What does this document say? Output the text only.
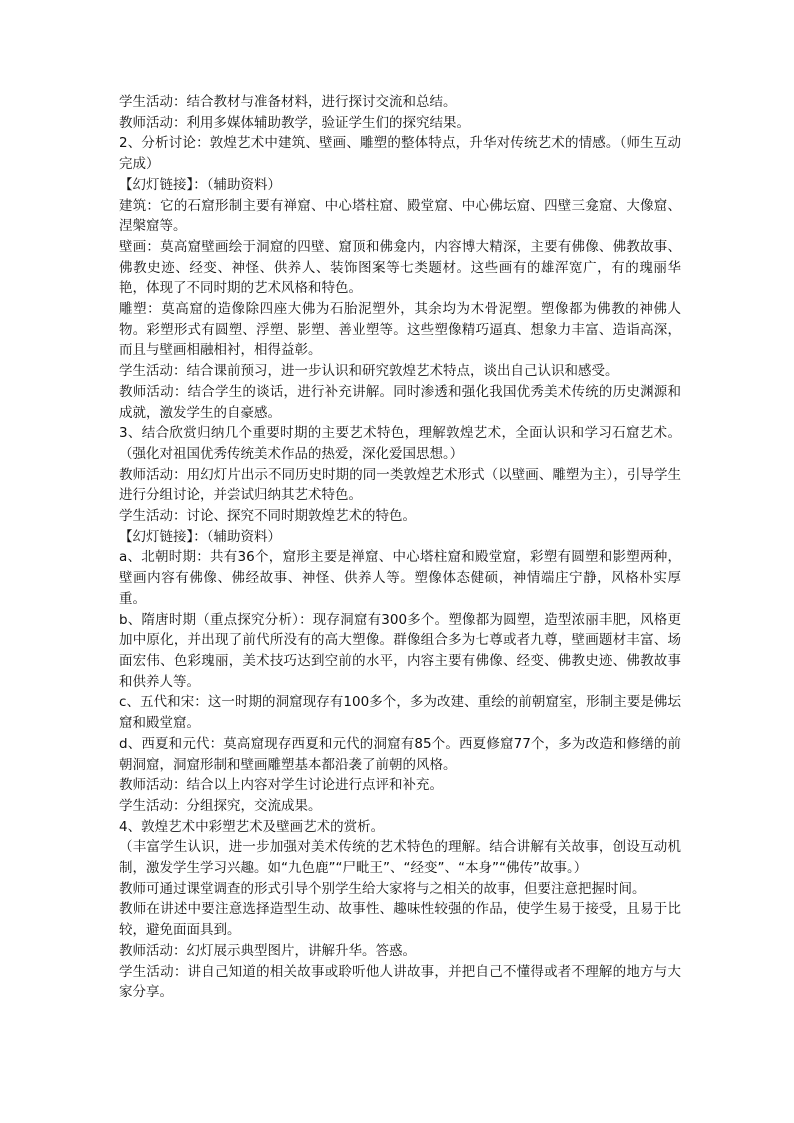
学生活动：结合教材与准备材料，进行探讨交流和总结。

教师活动：利用多媒体辅助教学，验证学生们的探究结果。

2、分析讨论：敦煌艺术中建筑、壁画、雕塑的整体特点，升华对传统艺术的情感。（师生互动完成）

【幻灯链接】：（辅助资料）

建筑：它的石窟形制主要有禅窟、中心塔柱窟、殿堂窟、中心佛坛窟、四壁三龛窟、大像窟、涅槃窟等。

壁画：莫高窟壁画绘于洞窟的四壁、窟顶和佛龛内，内容博大精深，主要有佛像、佛教故事、佛教史迹、经变、神怪、供养人、装饰图案等七类题材。这些画有的雄浑宽广，有的瑰丽华艳，体现了不同时期的艺术风格和特色。

雕塑：莫高窟的造像除四座大佛为石胎泥塑外，其余均为木骨泥塑。塑像都为佛教的神佛人物。彩塑形式有圆塑、浮塑、影塑、善业塑等。这些塑像精巧逼真、想象力丰富、造诣高深，而且与壁画相融相衬，相得益彰。

学生活动：结合课前预习，进一步认识和研究敦煌艺术特点，谈出自己认识和感受。

教师活动：结合学生的谈话，进行补充讲解。同时渗透和强化我国优秀美术传统的历史渊源和成就，激发学生的自豪感。

3、结合欣赏归纳几个重要时期的主要艺术特色，理解敦煌艺术，全面认识和学习石窟艺术。（强化对祖国优秀传统美术作品的热爱，深化爱国思想。）

教师活动：用幻灯片出示不同历史时期的同一类敦煌艺术形式（以壁画、雕塑为主），引导学生进行分组讨论，并尝试归纳其艺术特色。

学生活动：讨论、探究不同时期敦煌艺术的特色。

【幻灯链接】：（辅助资料）

a、北朝时期：共有36个，窟形主要是禅窟、中心塔柱窟和殿堂窟，彩塑有圆塑和影塑两种，壁画内容有佛像、佛经故事、神怪、供养人等。塑像体态健硕，神情端庄宁静，风格朴实厚重。

b、隋唐时期（重点探究分析）：现存洞窟有300多个。塑像都为圆塑，造型浓丽丰肥，风格更加中原化，并出现了前代所没有的高大塑像。群像组合多为七尊或者九尊，壁画题材丰富、场面宏伟、色彩瑰丽，美术技巧达到空前的水平，内容主要有佛像、经变、佛教史迹、佛教故事和供养人等。

c、五代和宋：这一时期的洞窟现存有100多个，多为改建、重绘的前朝窟室，形制主要是佛坛窟和殿堂窟。

d、西夏和元代：莫高窟现存西夏和元代的洞窟有85个。西夏修窟77个，多为改造和修缮的前朝洞窟，洞窟形制和壁画雕塑基本都沿袭了前朝的风格。

教师活动：结合以上内容对学生讨论进行点评和补充。

学生活动：分组探究，交流成果。

4、敦煌艺术中彩塑艺术及壁画艺术的赏析。

（丰富学生认识，进一步加强对美术传统的艺术特色的理解。结合讲解有关故事，创设互动机制，激发学生学习兴趣。如“九色鹿”“尸毗王”、“经变”、“本身”“佛传”故事。）

教师可通过课堂调查的形式引导个别学生给大家将与之相关的故事，但要注意把握时间。

教师在讲述中要注意选择造型生动、故事性、趣味性较强的作品，使学生易于接受，且易于比较，避免面面具到。

教师活动：幻灯展示典型图片，讲解升华。答惑。

学生活动：讲自己知道的相关故事或聆听他人讲故事，并把自己不懂得或者不理解的地方与大家分享。
